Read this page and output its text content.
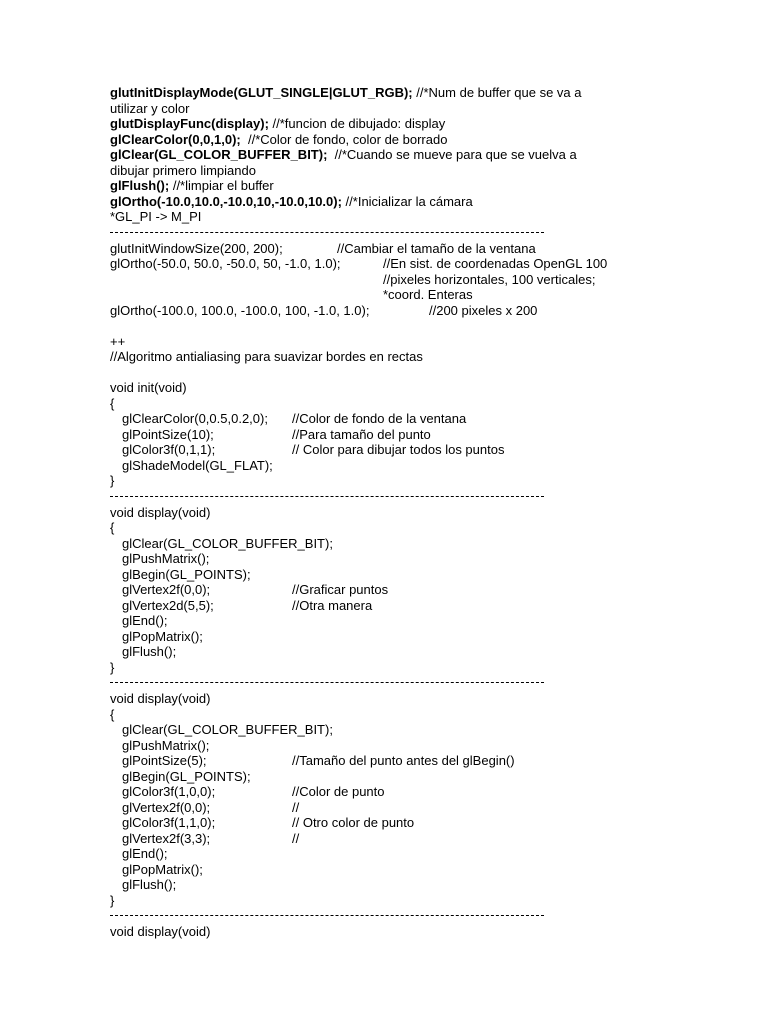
glutInitDisplayMode(GLUT_SINGLE|GLUT_RGB); //*Num de buffer que se va a
utilizar y color
glutDisplayFunc(display); //*funcion de dibujado: display
glClearColor(0,0,1,0);  //*Color de fondo, color de borrado
glClear(GL_COLOR_BUFFER_BIT);  //*Cuando se mueve para que se vuelva a
dibujar primero limpiando
glFlush(); //*limpiar el buffer
glOrtho(-10.0,10.0,-10.0,10,-10.0,10.0); //*Inicializar la cámara
*GL_PI -> M_PI
glutInitWindowSize(200, 200);	//Cambiar el tamaño de la ventana
glOrtho(-50.0, 50.0, -50.0, 50, -1.0, 1.0);	//En sist. de coordenadas OpenGL 100
//pixeles horizontales, 100 verticales;
*coord. Enteras
glOrtho(-100.0, 100.0, -100.0, 100, -1.0, 1.0);	//200 pixeles x 200
++
//Algoritmo antialiasing para suavizar bordes en rectas
void init(void)
{
glClearColor(0,0.5,0.2,0); //Color de fondo de la ventana
glPointSize(10);	//Para tamaño del punto
glColor3f(0,1,1);	// Color para dibujar todos los puntos
glShadeModel(GL_FLAT);
}
void display(void)
{
glClear(GL_COLOR_BUFFER_BIT);
glPushMatrix();
glBegin(GL_POINTS);
glVertex2f(0,0);	//Graficar puntos
glVertex2d(5,5);	//Otra manera
glEnd();
glPopMatrix();
glFlush();
}
void display(void)
{
glClear(GL_COLOR_BUFFER_BIT);
glPushMatrix();
glPointSize(5);	//Tamaño del punto antes del glBegin()
glBegin(GL_POINTS);
glColor3f(1,0,0);	//Color de punto
glVertex2f(0,0);	//
glColor3f(1,1,0);	// Otro color de punto
glVertex2f(3,3);	//
glEnd();
glPopMatrix();
glFlush();
}
void display(void)
